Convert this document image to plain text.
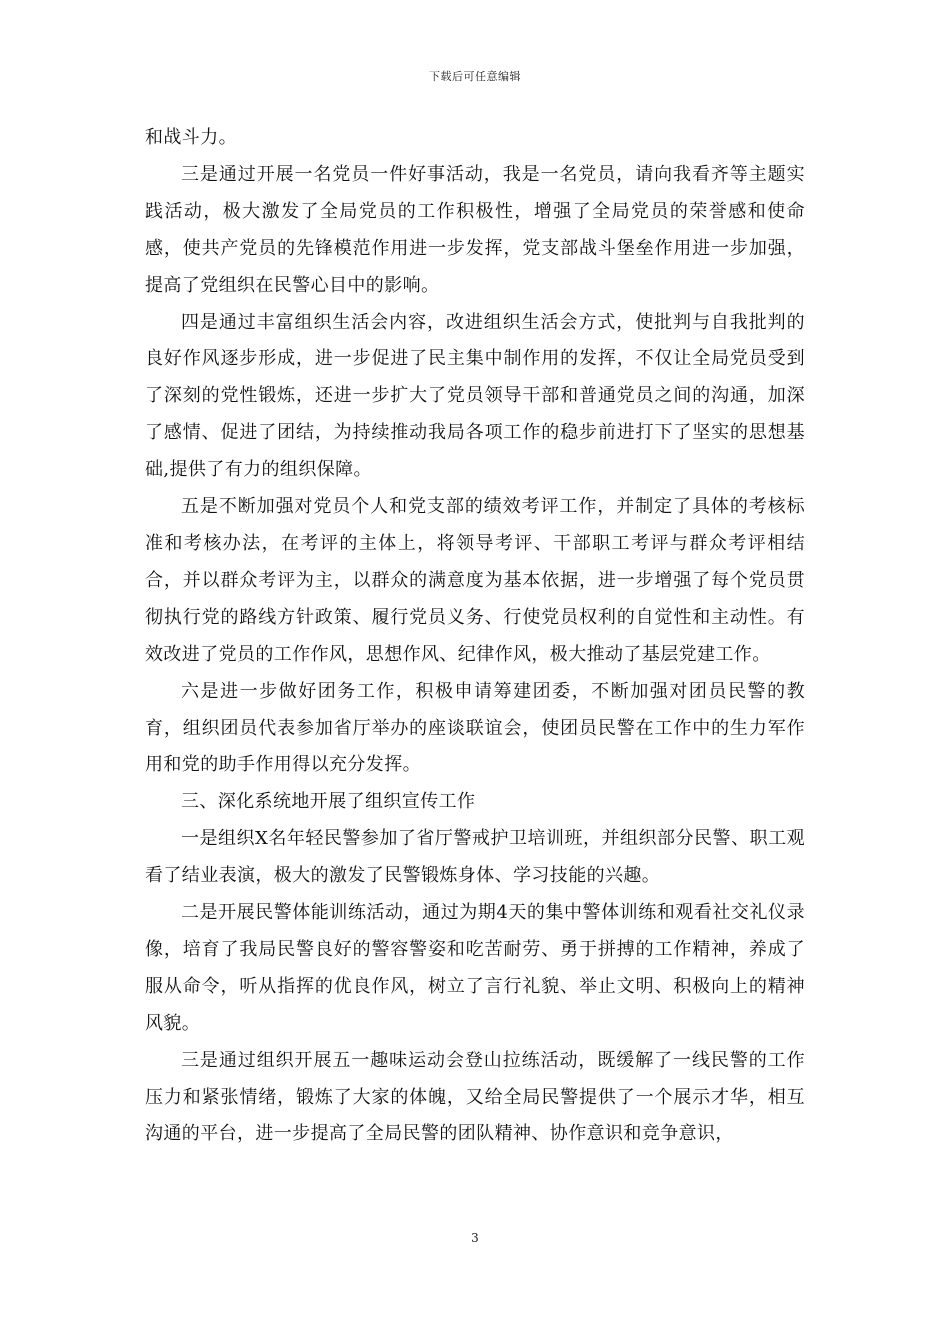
下载后可任意编辑

和战斗力。

三是通过开展一名党员一件好事活动，我是一名党员，请向我看齐等主题实践活动，极大激发了全局党员的工作积极性，增强了全局党员的荣誉感和使命感，使共产党员的先锋模范作用进一步发挥，党支部战斗堡垒作用进一步加强，提高了党组织在民警心目中的影响。

四是通过丰富组织生活会内容，改进组织生活会方式，使批判与自我批判的良好作风逐步形成，进一步促进了民主集中制作用的发挥，不仅让全局党员受到了深刻的党性锻炼，还进一步扩大了党员领导干部和普通党员之间的沟通，加深了感情、促进了团结，为持续推动我局各项工作的稳步前进打下了坚实的思想基础,提供了有力的组织保障。

五是不断加强对党员个人和党支部的绩效考评工作，并制定了具体的考核标准和考核办法，在考评的主体上，将领导考评、干部职工考评与群众考评相结合，并以群众考评为主，以群众的满意度为基本依据，进一步增强了每个党员贯彻执行党的路线方针政策、履行党员义务、行使党员权利的自觉性和主动性。有效改进了党员的工作作风，思想作风、纪律作风，极大推动了基层党建工作。

六是进一步做好团务工作，积极申请筹建团委，不断加强对团员民警的教育，组织团员代表参加省厅举办的座谈联谊会，使团员民警在工作中的生力军作用和党的助手作用得以充分发挥。

三、深化系统地开展了组织宣传工作

一是组织X名年轻民警参加了省厅警戒护卫培训班，并组织部分民警、职工观看了结业表演，极大的激发了民警锻炼身体、学习技能的兴趣。

二是开展民警体能训练活动，通过为期4天的集中警体训练和观看社交礼仪录像，培育了我局民警良好的警容警姿和吃苦耐劳、勇于拼搏的工作精神，养成了服从命令，听从指挥的优良作风，树立了言行礼貌、举止文明、积极向上的精神风貌。

三是通过组织开展五一趣味运动会登山拉练活动，既缓解了一线民警的工作压力和紧张情绪，锻炼了大家的体魄，又给全局民警提供了一个展示才华，相互沟通的平台，进一步提高了全局民警的团队精神、协作意识和竞争意识，

3
